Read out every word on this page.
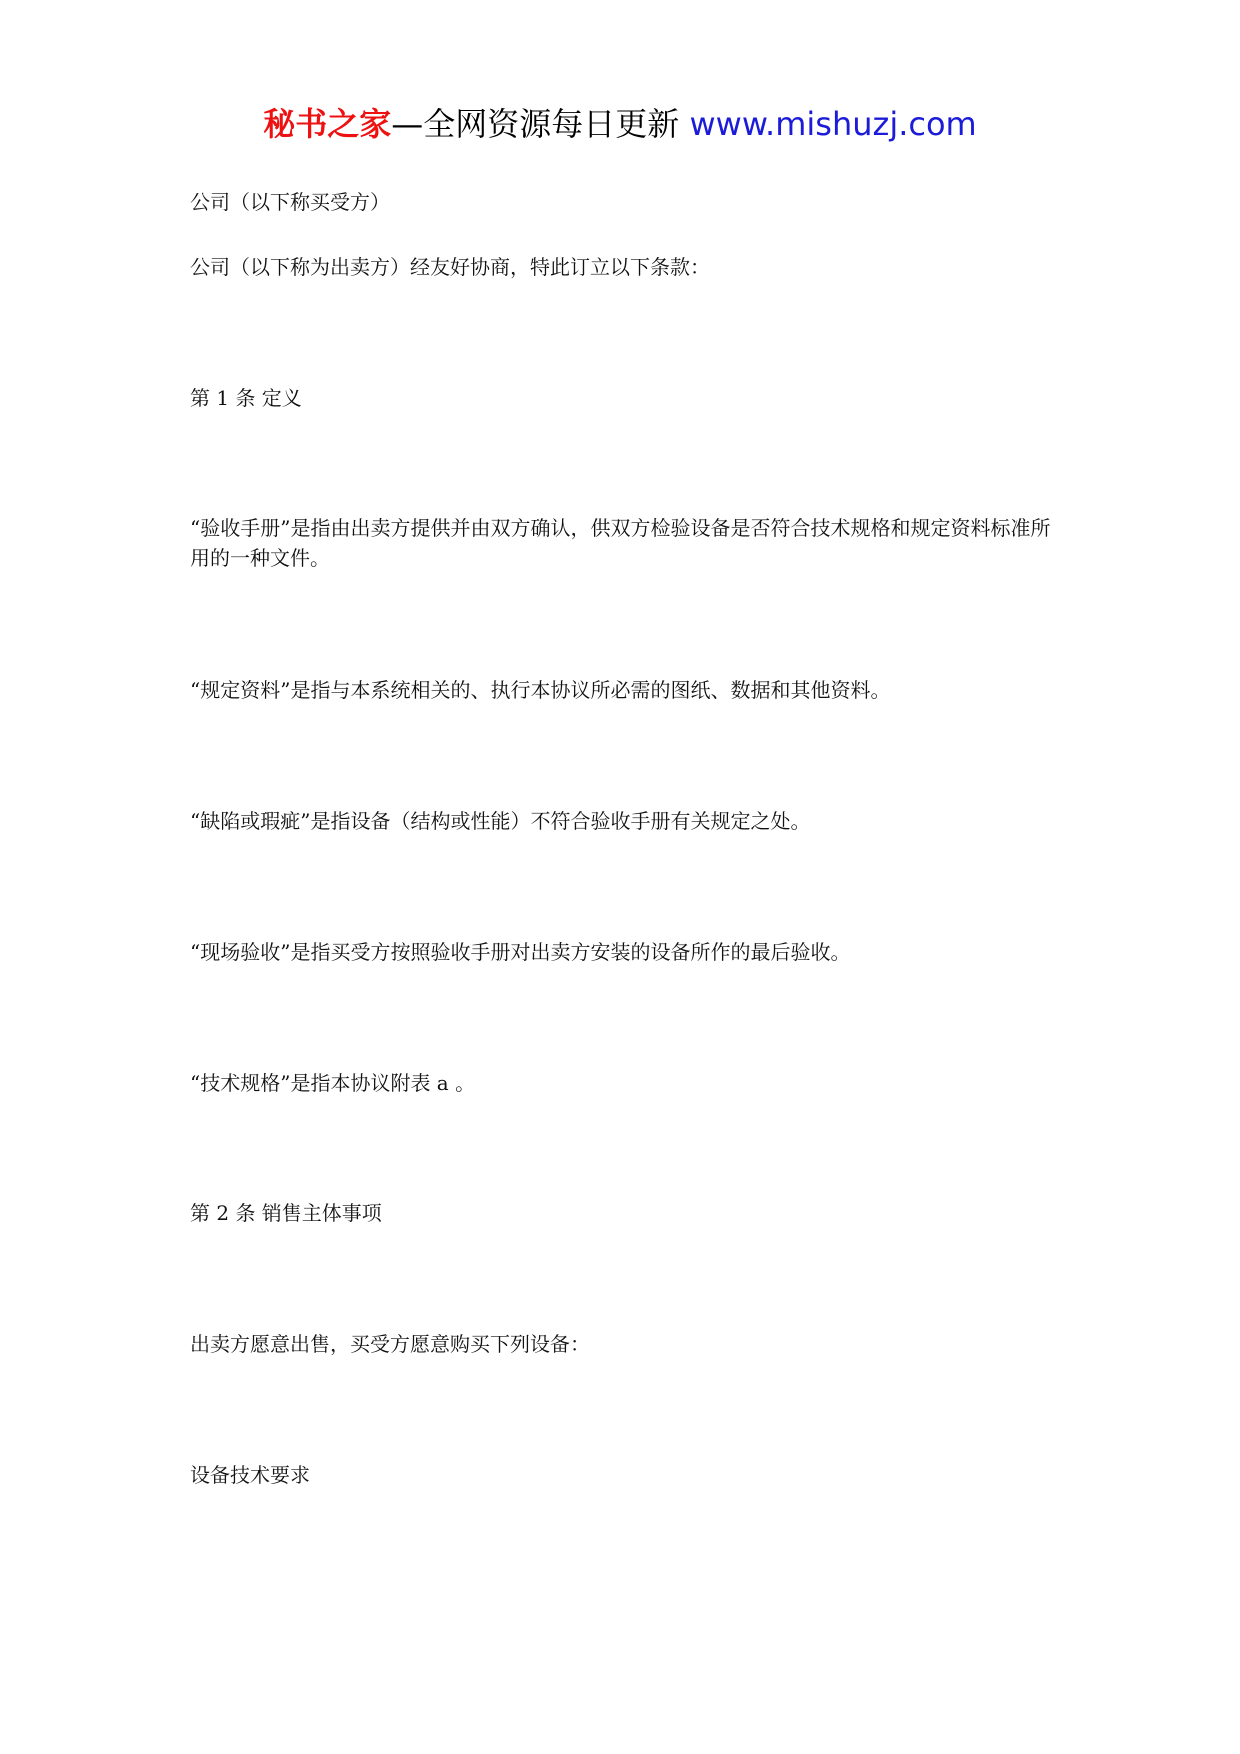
秘书之家—全网资源每日更新 www.mishuzj.com

公司（以下称买受方）

公司（以下称为出卖方）经友好协商，特此订立以下条款：

第 1 条 定义

“验收手册”是指由出卖方提供并由双方确认，供双方检验设备是否符合技术规格和规定资料标准所用的一种文件。

“规定资料”是指与本系统相关的、执行本协议所必需的图纸、数据和其他资料。

“缺陷或瑕疵”是指设备（结构或性能）不符合验收手册有关规定之处。

“现场验收”是指买受方按照验收手册对出卖方安装的设备所作的最后验收。

“技术规格”是指本协议附表 a 。

第 2 条 销售主体事项

出卖方愿意出售，买受方愿意购买下列设备：

设备技术要求
